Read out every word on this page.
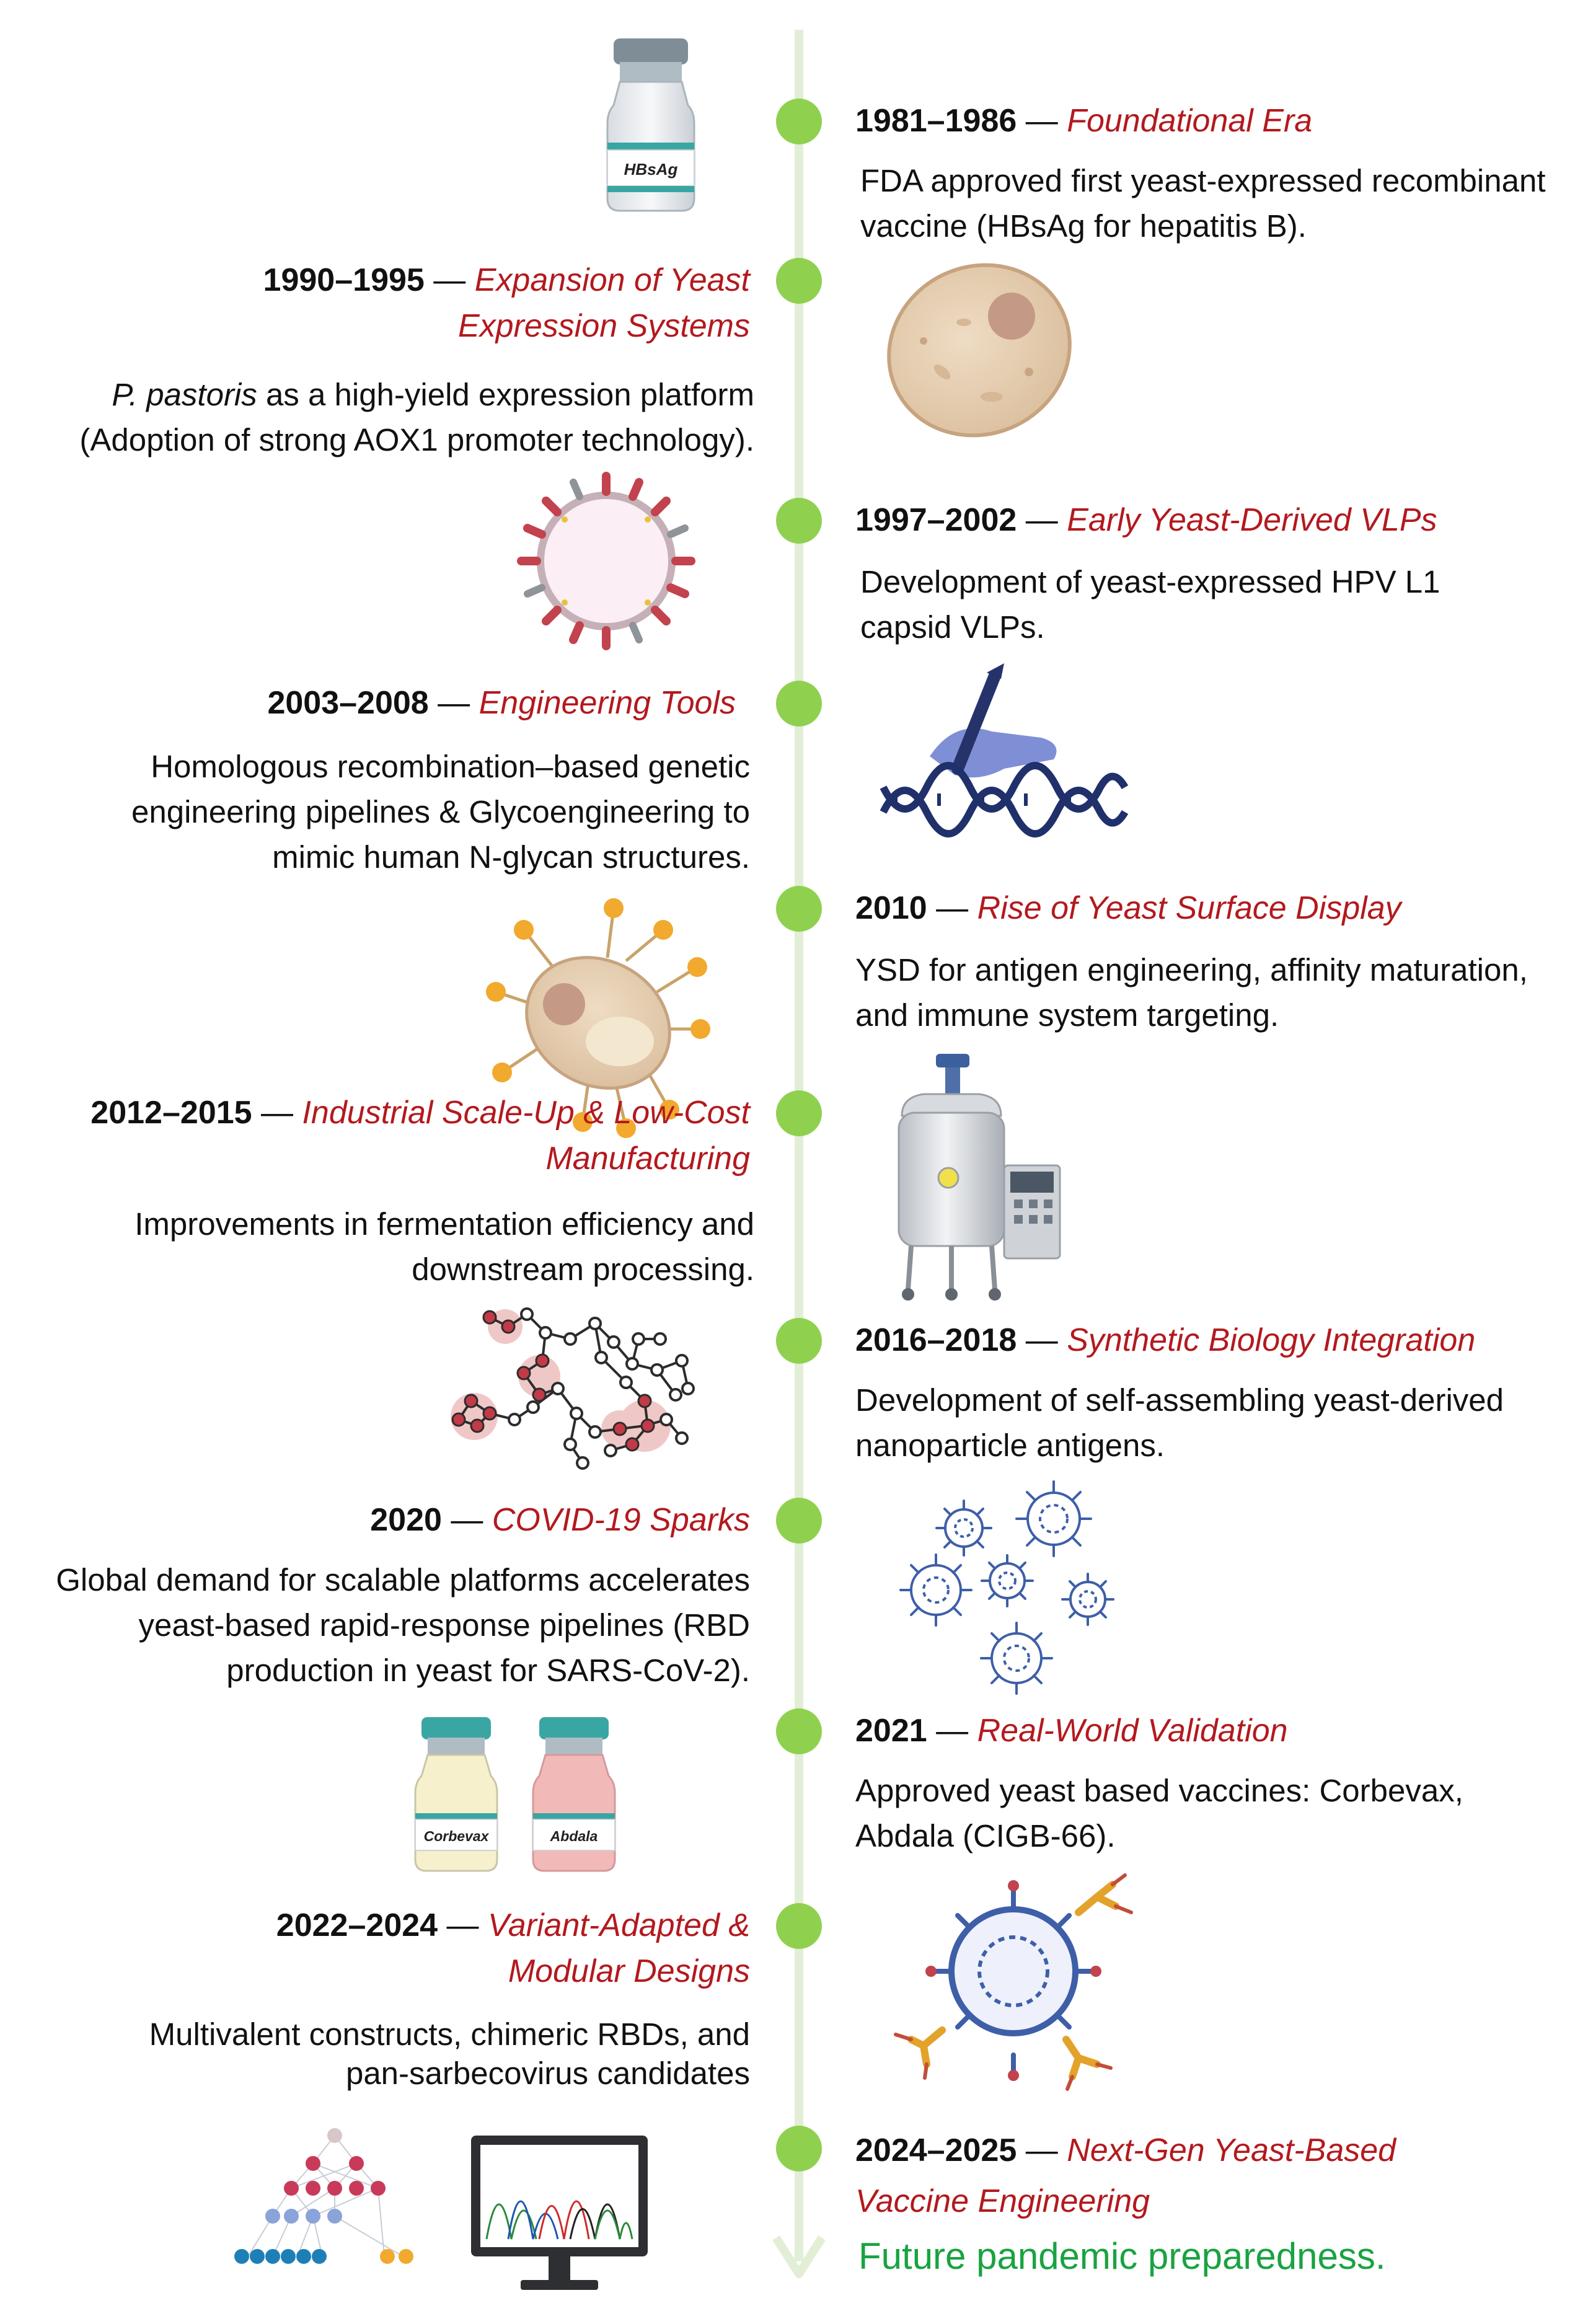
HBsAg
Corbevax	Abdala
1981–1986 — Foundational Era
FDA approved first yeast-expressed recombinant vaccine (HBsAg for hepatitis B).
1990–1995 — Expansion of Yeast Expression Systems
P. pastoris as a high-yield expression platform (Adoption of strong AOX1 promoter technology).
1997–2002 — Early Yeast-Derived VLPs
Development of yeast-expressed HPV L1 capsid VLPs.
2003–2008 — Engineering Tools
Homologous recombination–based genetic engineering pipelines & Glycoengineering to mimic human N-glycan structures.
2010 — Rise of Yeast Surface Display
YSD for antigen engineering, affinity maturation, and immune system targeting.
2012–2015 — Industrial Scale-Up & Low-Cost Manufacturing
Improvements in fermentation efficiency and downstream processing.
2016–2018 — Synthetic Biology Integration
Development of self-assembling yeast-derived nanoparticle antigens.
2020 — COVID-19 Sparks
Global demand for scalable platforms accelerates yeast-based rapid-response pipelines (RBD production in yeast for SARS-CoV-2).
2021 — Real-World Validation
Approved yeast based vaccines: Corbevax, Abdala (CIGB-66).
2022–2024 — Variant-Adapted & Modular Designs
Multivalent constructs, chimeric RBDs, and pan-sarbecovirus candidates
2024–2025 — Next-Gen Yeast-Based Vaccine Engineering
Future pandemic preparedness.
